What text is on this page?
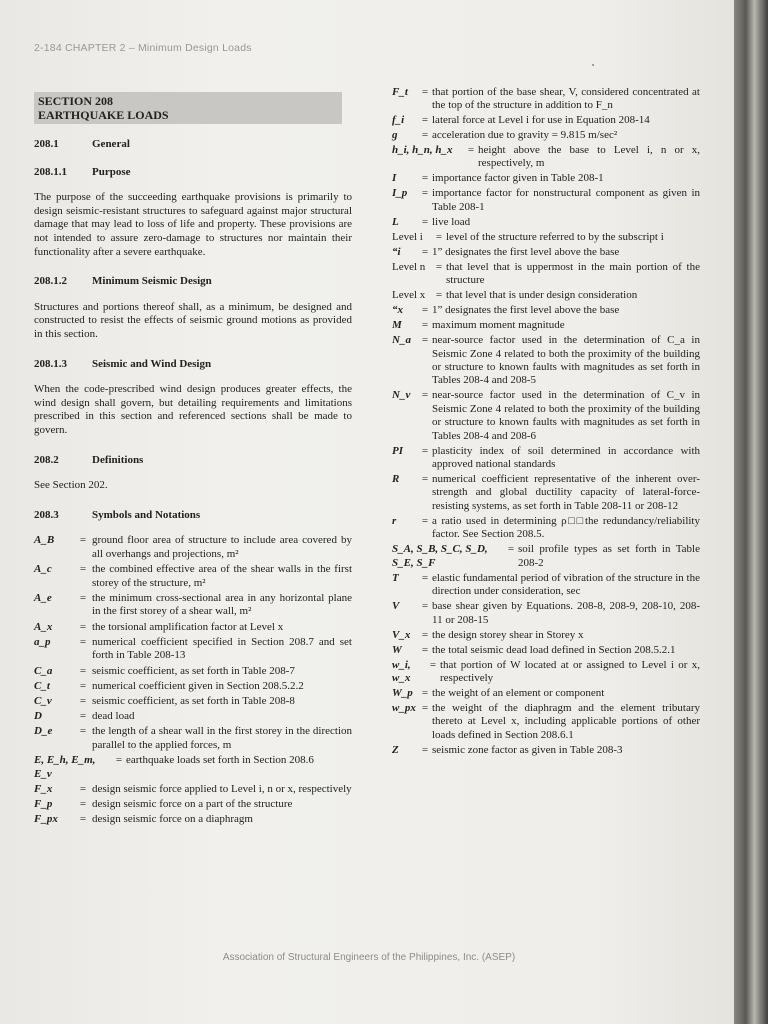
2-184 CHAPTER 2 – Minimum Design Loads
SECTION 208
EARTHQUAKE LOADS
208.1	General
208.1.1	Purpose
The purpose of the succeeding earthquake provisions is primarily to design seismic-resistant structures to safeguard against major structural damage that may lead to loss of life and property. These provisions are not intended to assure zero-damage to structures nor maintain their functionality after a severe earthquake.
208.1.2	Minimum Seismic Design
Structures and portions thereof shall, as a minimum, be designed and constructed to resist the effects of seismic ground motions as provided in this section.
208.1.3	Seismic and Wind Design
When the code-prescribed wind design produces greater effects, the wind design shall govern, but detailing requirements and limitations prescribed in this section and referenced sections shall be made to govern.
208.2	Definitions
See Section 202.
208.3	Symbols and Notations
A_B	= ground floor area of structure to include area covered by all overhangs and projections, m²
A_c	= the combined effective area of the shear walls in the first storey of the structure, m²
A_e	= the minimum cross-sectional area in any horizontal plane in the first storey of a shear wall, m²
A_x	= the torsional amplification factor at Level x
a_p	= numerical coefficient specified in Section 208.7 and set forth in Table 208-13
C_a	= seismic coefficient, as set forth in Table 208-7
C_t	= numerical coefficient given in Section 208.5.2.2
C_v	= seismic coefficient, as set forth in Table 208-8
D	= dead load
D_e	= the length of a shear wall in the first storey in the direction parallel to the applied forces, m
E, E_h, E_m, E_v
= earthquake loads set forth in Section 208.6
F_x	= design seismic force applied to Level i, n or x, respectively
F_p	= design seismic force on a part of the structure
F_px	= design seismic force on a diaphragm
F_t	= that portion of the base shear, V, considered concentrated at the top of the structure in addition to F_n
f_i	= lateral force at Level i for use in Equation 208-14
g	= acceleration due to gravity = 9.815 m/sec²
h_i, h_n, h_x	= height above the base to Level i, n or x, respectively, m
I	= importance factor given in Table 208-1
I_p	= importance factor for nonstructural component as given in Table 208-1
L	= live load
Level i	= level of the structure referred to by the subscript i
“i	= 1” designates the first level above the base
Level n = that level that is uppermost in the main portion of the structure
Level x = that level that is under design consideration
“x	= 1” designates the first level above the base
M	= maximum moment magnitude
N_a = near-source factor used in the determination of C_a in Seismic Zone 4 related to both the proximity of the building or structure to known faults with magnitudes as set forth in Tables 208-4 and 208-5
N_v	= near-source factor used in the determination of C_v in Seismic Zone 4 related to both the proximity of the building or structure to known faults with magnitudes as set forth in Tables 208-4 and 208-6
PI	= plasticity index of soil determined in accordance with approved national standards
R	= numerical coefficient representative of the inherent over-strength and global ductility capacity of lateral-force-resisting systems, as set forth in Table 208-11 or 208-12
r	= a ratio used in determining ρ□□the redundancy/reliability factor. See Section 208.5.
S_A, S_B, S_C, S_D, S_E, S_F
= soil profile types as set forth in Table 208-2
T	= elastic fundamental period of vibration of the structure in the direction under consideration, sec
V	= base shear given by Equations. 208-8, 208-9, 208-10, 208-11 or 208-15
V_x	= the design storey shear in Storey x
W	= the total seismic dead load defined in Section 208.5.2.1
w_i, w_x
= that portion of W located at or assigned to Level i or x, respectively
W_p = the weight of an element or component
w_px = the weight of the diaphragm and the element tributary thereto at Level x, including applicable portions of other loads defined in Section 208.6.1
Z	= seismic zone factor as given in Table 208-3
Association of Structural Engineers of the Philippines, Inc. (ASEP)
